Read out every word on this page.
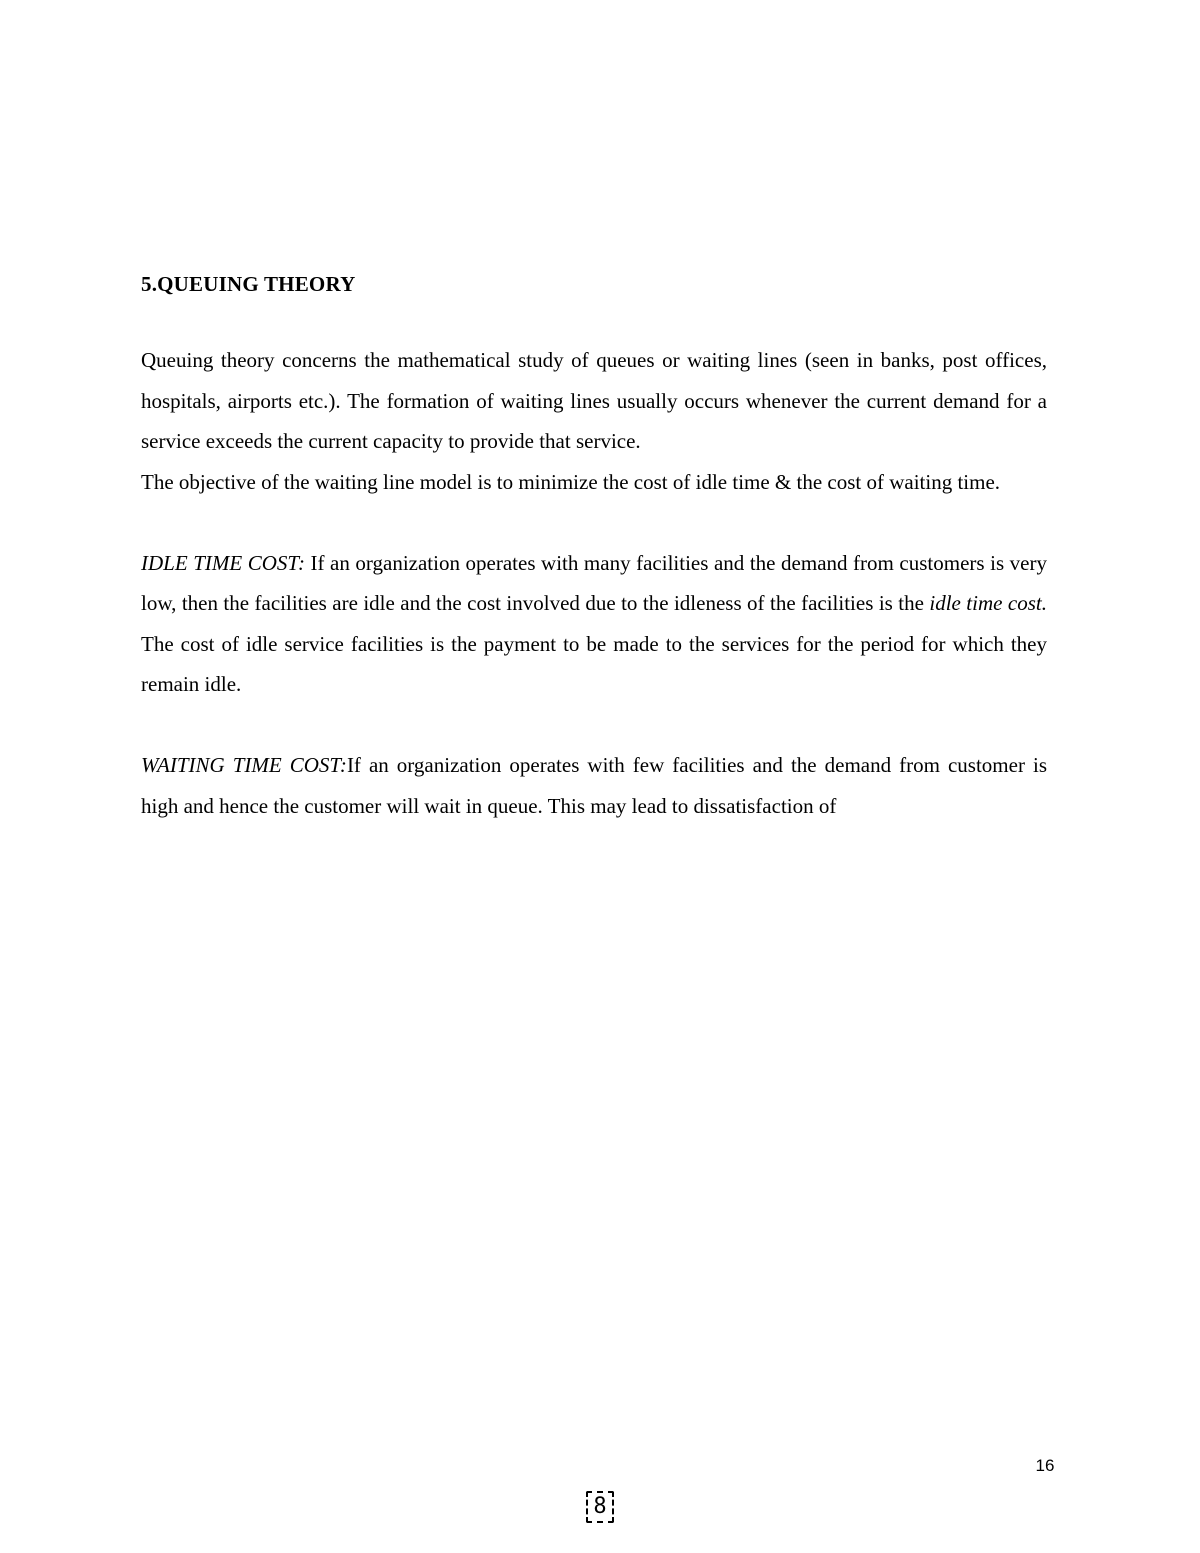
5.QUEUING THEORY

Queuing theory concerns the mathematical study of queues or waiting lines (seen in banks, post offices, hospitals, airports etc.). The formation of waiting lines usually occurs whenever the current demand for a service exceeds the current capacity to provide that service.

The objective of the waiting line model is to minimize the cost of idle time & the cost of waiting time.

IDLE TIME COST: If an organization operates with many facilities and the demand from customers is very low, then the facilities are idle and the cost involved due to the idleness of the facilities is the idle time cost. The cost of idle service facilities is the payment to be made to the services for the period for which they remain idle.

WAITING TIME COST:If an organization operates with few facilities and the demand from customer is high and hence the customer will wait in queue. This may lead to dissatisfaction of

16
8
